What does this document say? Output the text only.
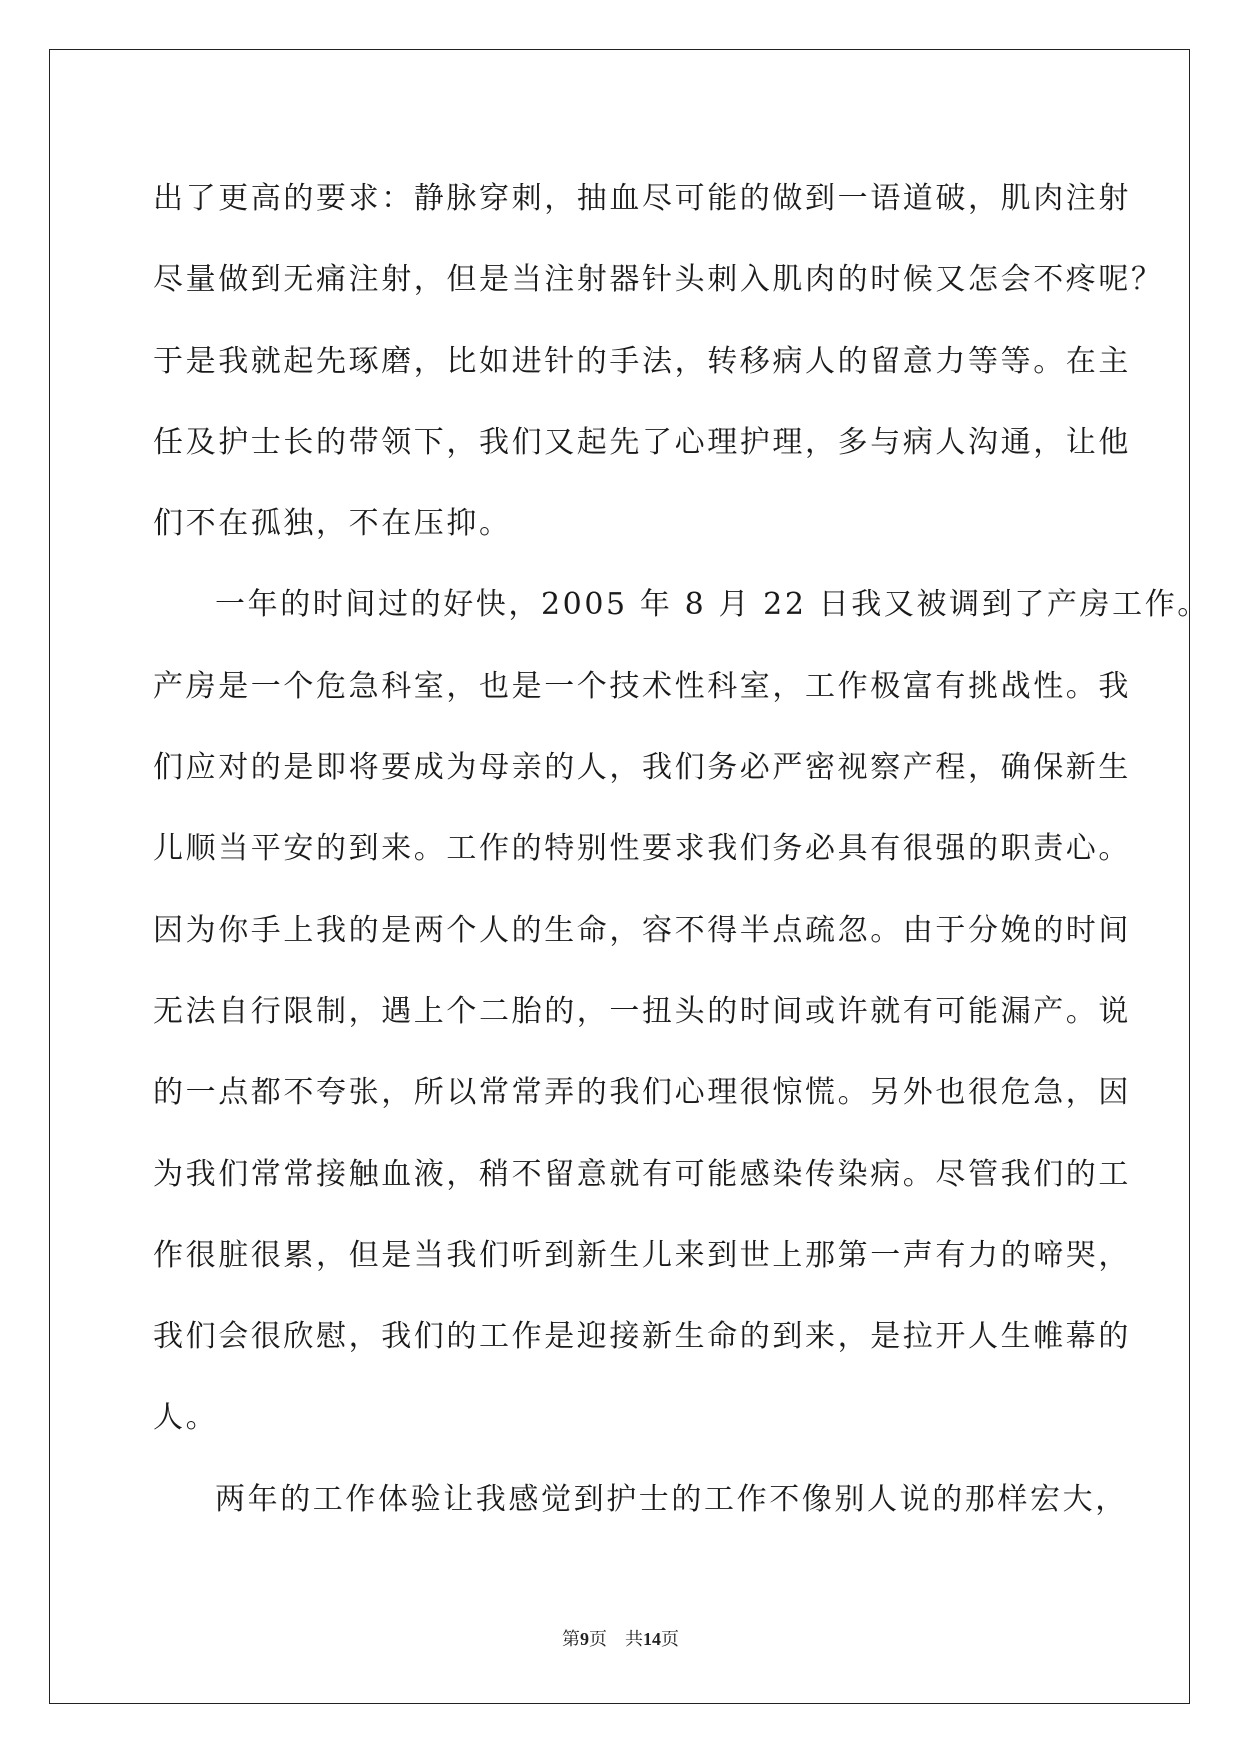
出了更高的要求：静脉穿刺，抽血尽可能的做到一语道破，肌肉注射
尽量做到无痛注射，但是当注射器针头刺入肌肉的时候又怎会不疼呢？
于是我就起先琢磨，比如进针的手法，转移病人的留意力等等。在主
任及护士长的带领下，我们又起先了心理护理，多与病人沟通，让他
们不在孤独，不在压抑。
一年的时间过的好快，2005 年 8 月 22 日我又被调到了产房工作。
产房是一个危急科室，也是一个技术性科室，工作极富有挑战性。我
们应对的是即将要成为母亲的人，我们务必严密视察产程，确保新生
儿顺当平安的到来。工作的特别性要求我们务必具有很强的职责心。
因为你手上我的是两个人的生命，容不得半点疏忽。由于分娩的时间
无法自行限制，遇上个二胎的，一扭头的时间或许就有可能漏产。说
的一点都不夸张，所以常常弄的我们心理很惊慌。另外也很危急，因
为我们常常接触血液，稍不留意就有可能感染传染病。尽管我们的工
作很脏很累，但是当我们听到新生儿来到世上那第一声有力的啼哭，
我们会很欣慰，我们的工作是迎接新生命的到来，是拉开人生帷幕的
人。
两年的工作体验让我感觉到护士的工作不像别人说的那样宏大，
第9页 共14页
